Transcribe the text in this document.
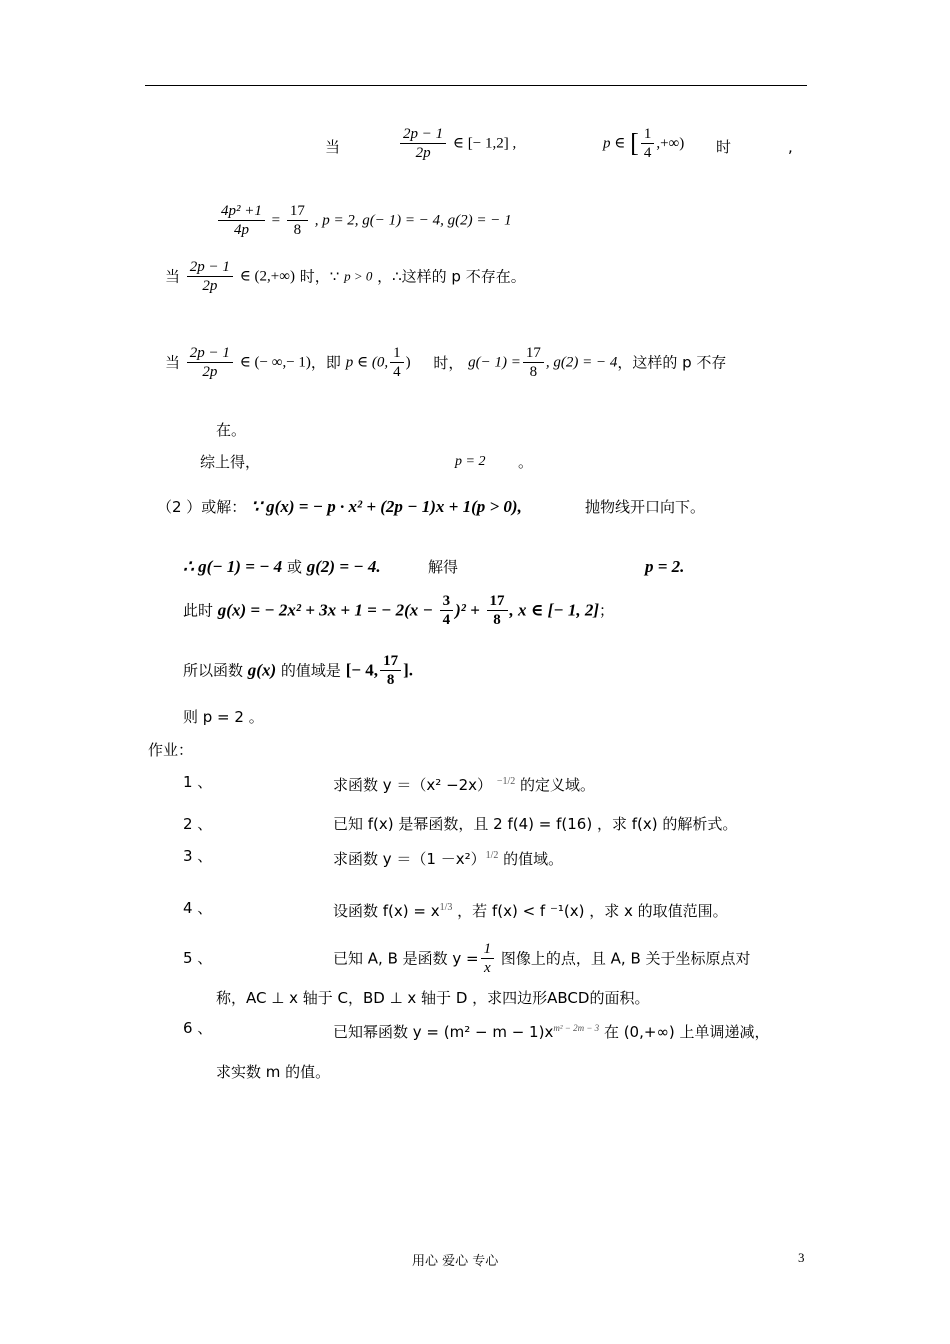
当	$\frac{2p - 1}{2p}$ ∈ [− 1,2] ,	p ∈ [ $\frac{1}{4}$ ,+∞) 时	,
$\frac{\text{4p² +1}}{4p} = \frac{17}{8}$ , p = 2, g(− 1) = − 4, g(2) = − 1
当 $\frac{2p - 1}{2p}$ ∈ (2,+∞) 时，∵ p > 0 ，∴这样的 p 不存在。
当 $\frac{2p - 1}{2p}$ ∈ (− ∞,− 1)，即 p ∈ (0, $\frac{1}{4}$ ) 时， $g(- 1) = \frac{17}{8}$ , g(2) = − 4，这样的 p 不存
在。
综上得，	p = 2 。
（2 ）或解： ∵ g(x) = − p · x² + (2p − 1)x + 1(p > 0),	抛物线开口向下。
∴ g(− 1) = − 4 或 g(2) = − 4.	解得	p = 2.
此时 g(x) = − 2x² + 3x + 1 = − $2(x - \frac{3}{4} )^2 + \frac{17}{8}$ , x ∈ [− 1, 2]；
所以函数 g(x) 的值域是 [− 4, $\frac{17}{8}$ ].
则 p = 2 。
作业：
1 、	求函数 y ＝（x² −2x） $^{-1/2}$ 的定义域。
2 、	已知 f(x) 是幂函数，且 2 f(4) = f(16) ，求 f(x) 的解析式。
3 、	求函数 $y =(1 -x^2)^{1/2}$ 的值域。
4 、	设函数 $f(x) = x^{1/3}$ ，若 f(x) < f ⁻¹(x) ，求 x 的取值范围。
5 、	已知 A, B 是函数 $y = \frac{1}{x}$ 图像上的点，且 A, B 关于坐标原点对
称，AC ⊥ x 轴于 C，BD ⊥ x 轴于 D ，求四边形ABCD的面积。
6 、	已知幂函数 $y = (m^2 - m - 1)x^{m^2 - 2m - 3}$ 在 (0,+∞) 上单调递减，
求实数 m 的值。
用心 爱心 专心	3
